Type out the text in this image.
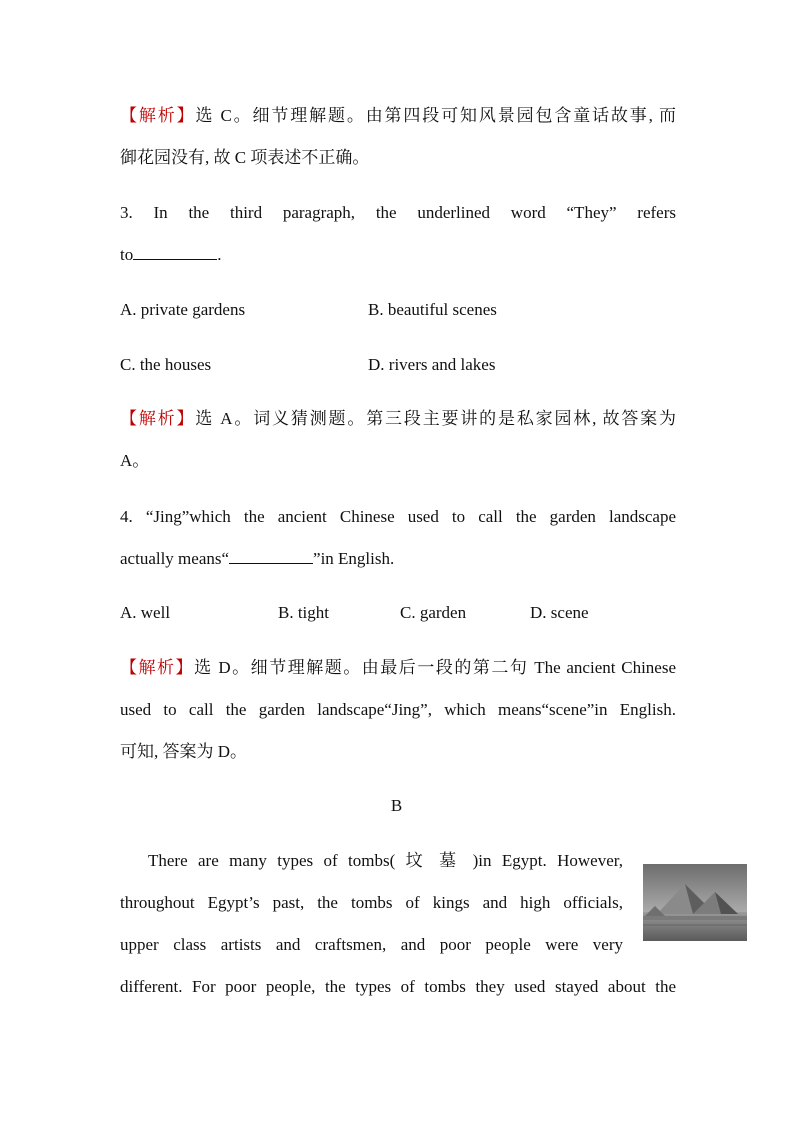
【解析】选 C。细节理解题。由第四段可知风景园包含童话故事, 而
御花园没有, 故 C 项表述不正确。
3. In the third paragraph, the underlined word “They” refers
to	.
A. private gardens	B. beautiful scenes
C. the houses	D. rivers and lakes
【解析】选 A。词义猜测题。第三段主要讲的是私家园林, 故答案为
A。
4. “Jing”which the ancient Chinese used to call the garden landscape
actually means“	”in English.
A. well	B. tight	C. garden	D. scene
【解析】选 D。细节理解题。由最后一段的第二句 The ancient Chinese
used to call the garden landscape“Jing”, which means“scene”in English.
可知, 答案为 D。
B
There are many types of tombs( 坟 墓 )in Egypt. However,
throughout Egypt’s past, the tombs of kings and high officials,
upper class artists and craftsmen, and poor people were very
different. For poor people, the types of tombs they used stayed about the
